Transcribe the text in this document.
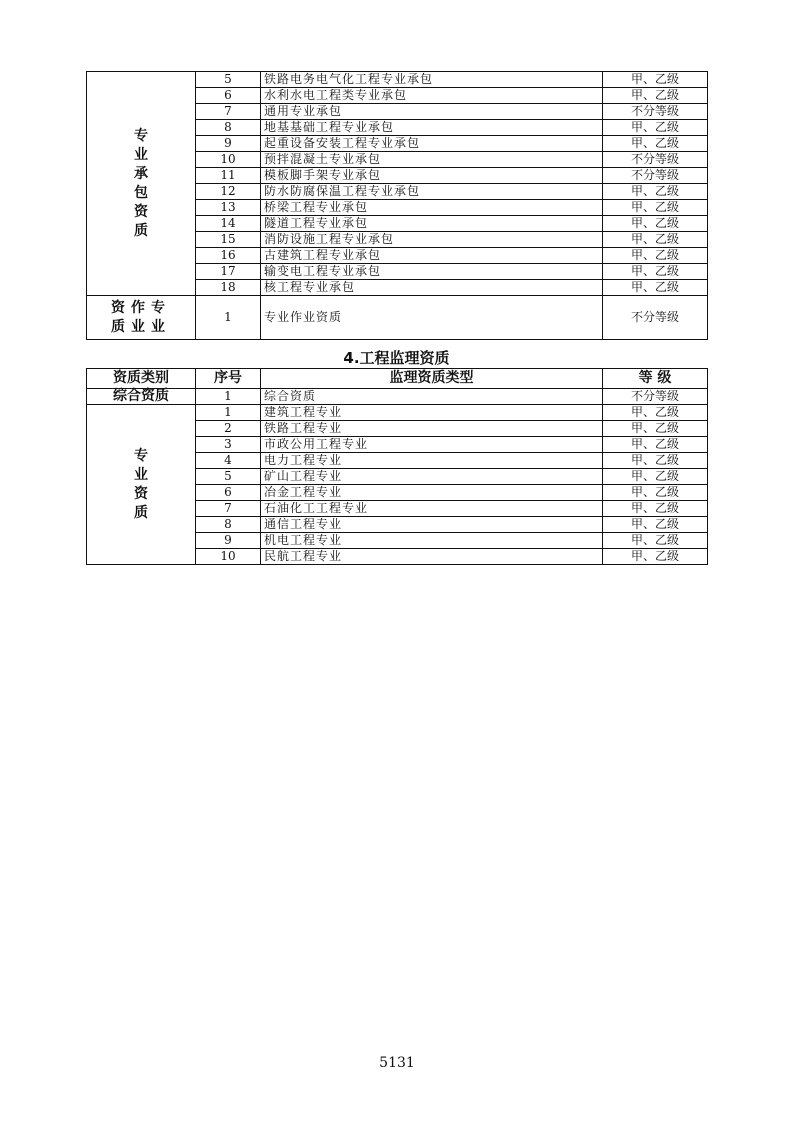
专业承包资质	5	铁路电务电气化工程专业承包	甲、乙级
	6	水利水电工程类专业承包	甲、乙级
	7	通用专业承包	不分等级
	8	地基基础工程专业承包	甲、乙级
	9	起重设备安装工程专业承包	甲、乙级
	10	预拌混凝土专业承包	不分等级
	11	模板脚手架专业承包	不分等级
	12	防水防腐保温工程专业承包	甲、乙级
	13	桥梁工程专业承包	甲、乙级
	14	隧道工程专业承包	甲、乙级
	15	消防设施工程专业承包	甲、乙级
	16	古建筑工程专业承包	甲、乙级
	17	输变电工程专业承包	甲、乙级
	18	核工程专业承包	甲、乙级
资作专质业业	1	专业作业资质	不分等级
4.工程监理资质
资质类别	序号	监理资质类型	等 级
综合资质	1	综合资质	不分等级
专业资质	1	建筑工程专业	甲、乙级
	2	铁路工程专业	甲、乙级
	3	市政公用工程专业	甲、乙级
	4	电力工程专业	甲、乙级
	5	矿山工程专业	甲、乙级
	6	冶金工程专业	甲、乙级
	7	石油化工工程专业	甲、乙级
	8	通信工程专业	甲、乙级
	9	机电工程专业	甲、乙级
	10	民航工程专业	甲、乙级
5131
